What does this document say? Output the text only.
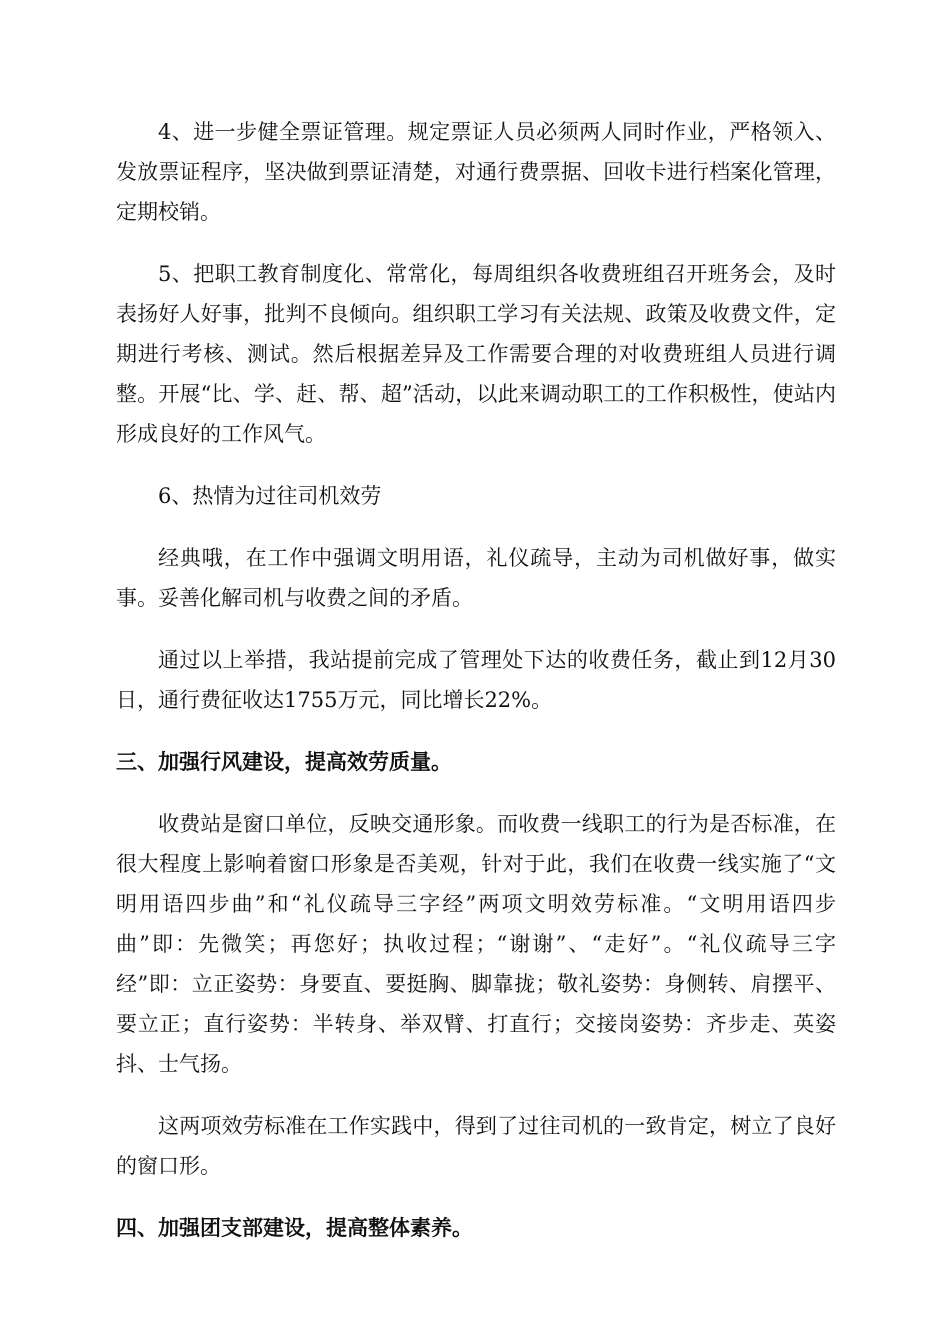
4、进一步健全票证管理。规定票证人员必须两人同时作业，严格领入、发放票证程序，坚决做到票证清楚，对通行费票据、回收卡进行档案化管理，定期校销。

5、把职工教育制度化、常常化，每周组织各收费班组召开班务会，及时表扬好人好事，批判不良倾向。组织职工学习有关法规、政策及收费文件，定期进行考核、测试。然后根据差异及工作需要合理的对收费班组人员进行调整。开展“比、学、赶、帮、超”活动，以此来调动职工的工作积极性，使站内形成良好的工作风气。

6、热情为过往司机效劳

经典哦，在工作中强调文明用语，礼仪疏导，主动为司机做好事，做实事。妥善化解司机与收费之间的矛盾。

通过以上举措，我站提前完成了管理处下达的收费任务，截止到12月30日，通行费征收达1755万元，同比增长22%。

三、加强行风建设，提高效劳质量。

收费站是窗口单位，反映交通形象。而收费一线职工的行为是否标准，在很大程度上影响着窗口形象是否美观，针对于此，我们在收费一线实施了“文明用语四步曲”和“礼仪疏导三字经”两项文明效劳标准。“文明用语四步曲”即：先微笑；再您好；执收过程；“谢谢”、“走好”。“礼仪疏导三字经”即：立正姿势：身要直、要挺胸、脚靠拢；敬礼姿势：身侧转、肩摆平、要立正；直行姿势：半转身、举双臂、打直行；交接岗姿势：齐步走、英姿抖、士气扬。

这两项效劳标准在工作实践中，得到了过往司机的一致肯定，树立了良好的窗口形。

四、加强团支部建设，提高整体素养。
